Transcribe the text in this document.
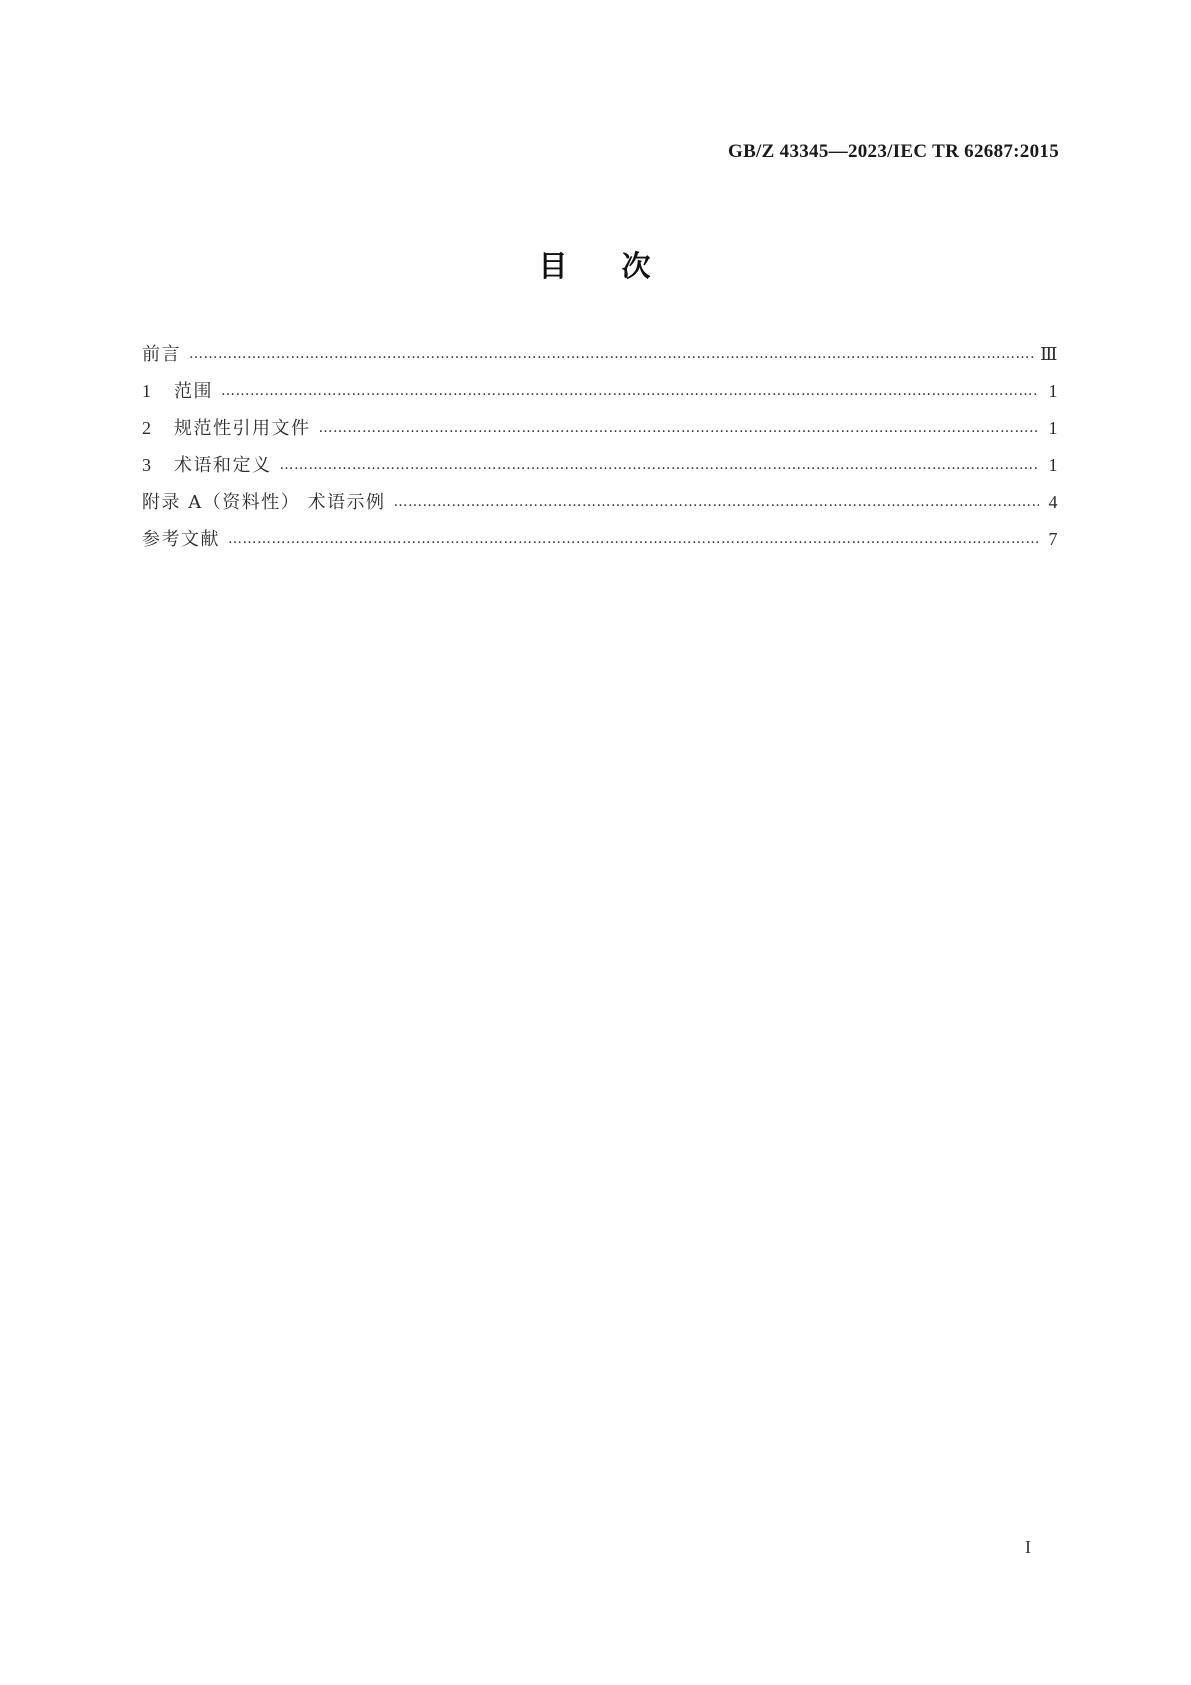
GB/Z 43345—2023/IEC TR 62687:2015
目 次
前言 …………………………………………………………………………………………………………………………………………………………………………………………………………………………………………………………	Ⅲ
1	范围 …………………………………………………………………………………………………………………………………………………………………………………………………………………………………………………………	1
2	规范性引用文件 …………………………………………………………………………………………………………………………………………………………………………………………………………………………………………………………	1
3	术语和定义 …………………………………………………………………………………………………………………………………………………………………………………………………………………………………………………………	1
附录 A（资料性） 术语示例 …………………………………………………………………………………………………………………………………………………………………………………………………………………………………………………………	4
参考文献 …………………………………………………………………………………………………………………………………………………………………………………………………………………………………………………………	7
I
